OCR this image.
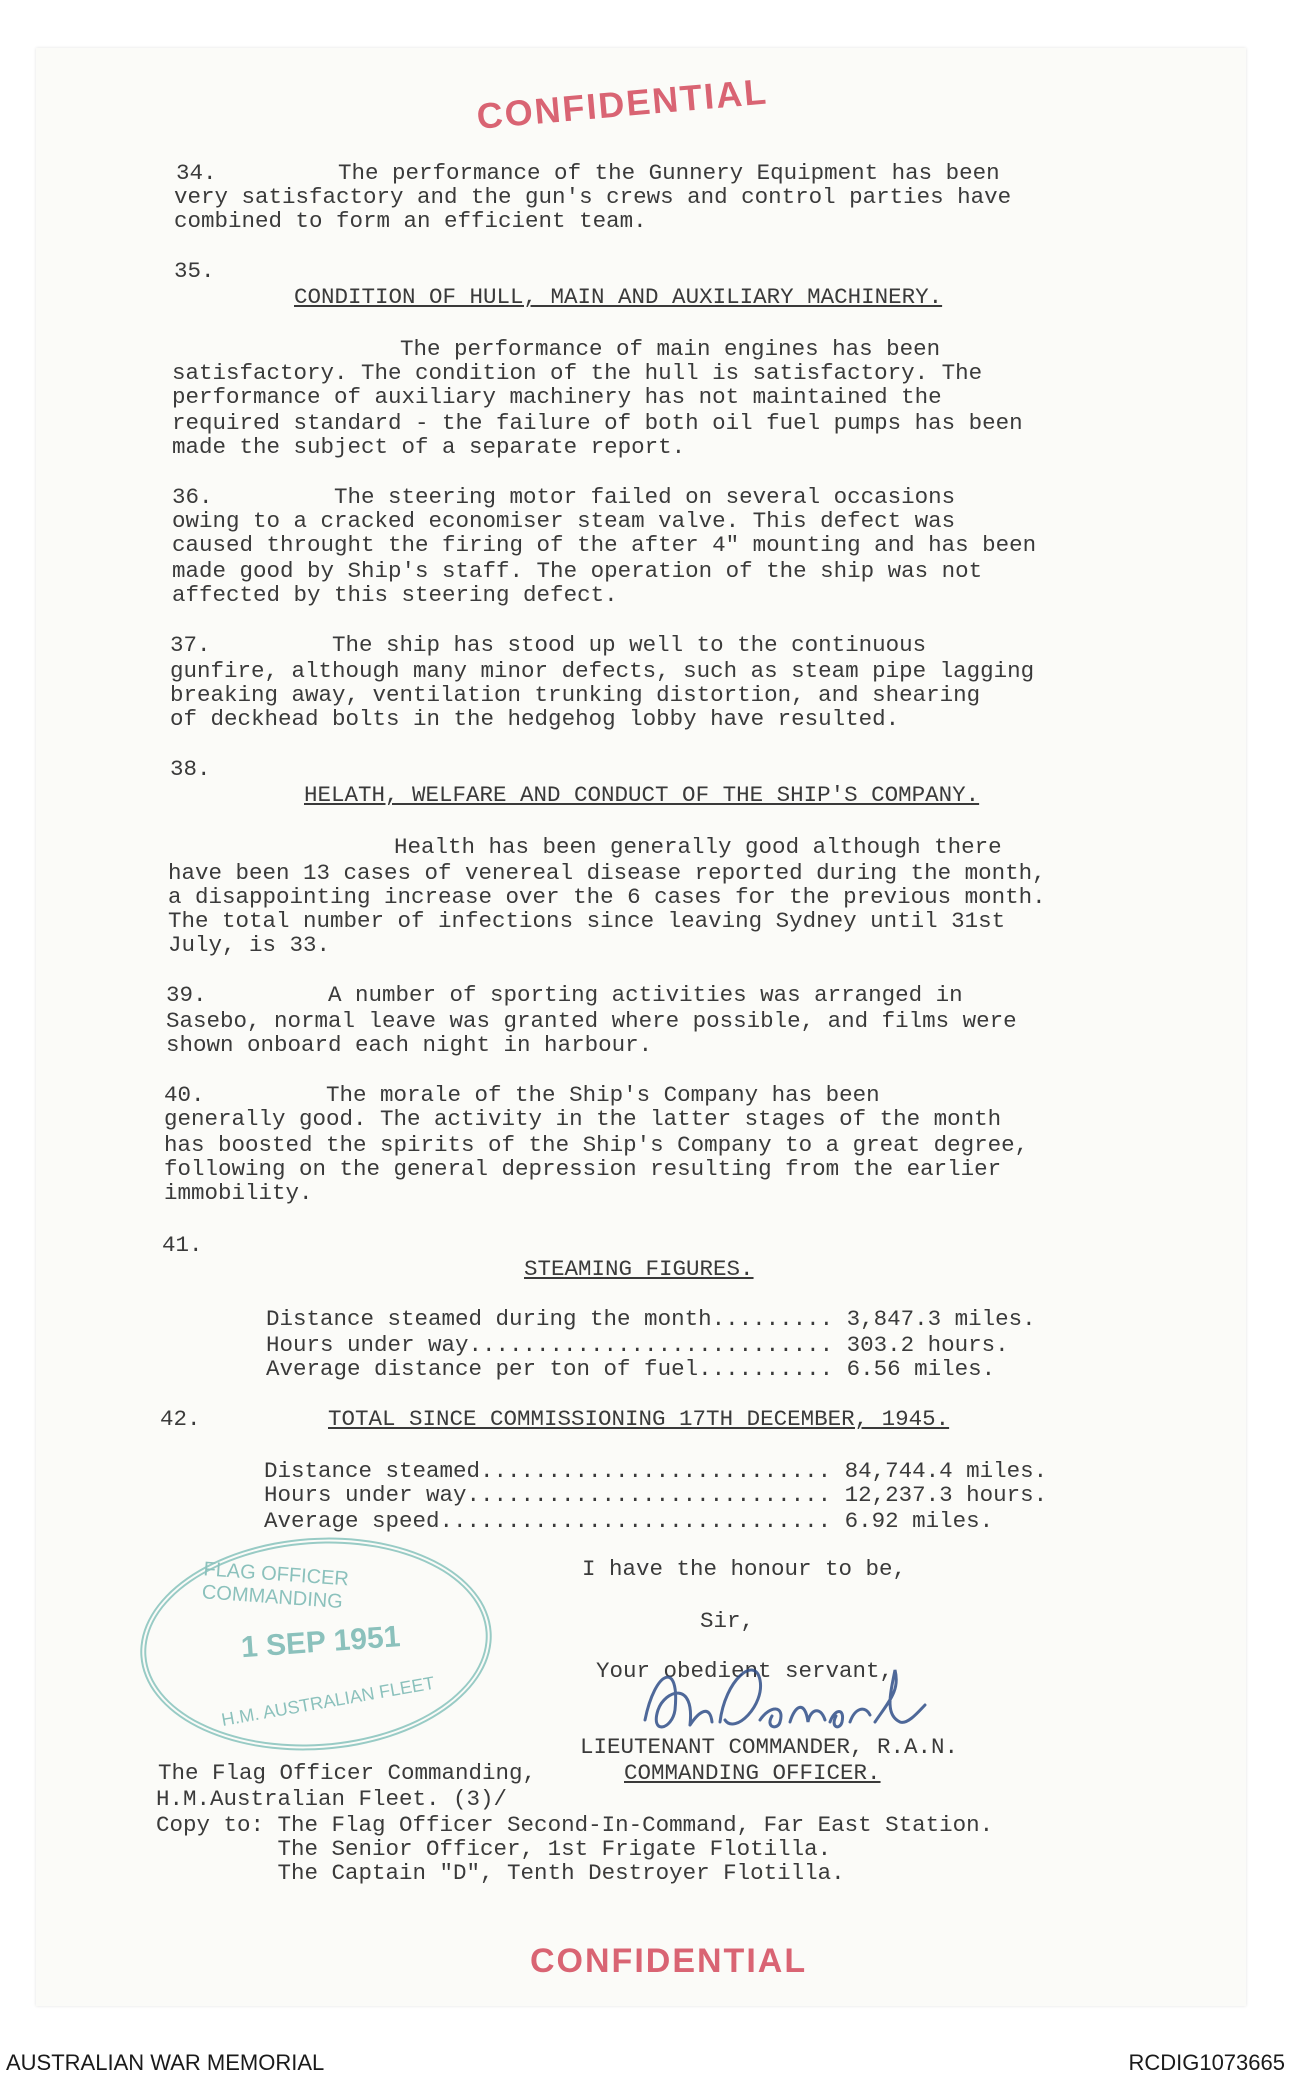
CONFIDENTIAL
34.         The performance of the Gunnery Equipment has been
very satisfactory and the gun's crews and control parties have
combined to form an efficient team.
35.
CONDITION OF HULL, MAIN AND AUXILIARY MACHINERY.
The performance of main engines has been
satisfactory. The condition of the hull is satisfactory. The
performance of auxiliary machinery has not maintained the
required standard - the failure of both oil fuel pumps has been
made the subject of a separate report.
36.         The steering motor failed on several occasions
owing to a cracked economiser steam valve. This defect was
caused throught the firing of the after 4" mounting and has been
made good by Ship's staff. The operation of the ship was not
affected by this steering defect.
37.         The ship has stood up well to the continuous
gunfire, although many minor defects, such as steam pipe lagging
breaking away, ventilation trunking distortion, and shearing
of deckhead bolts in the hedgehog lobby have resulted.
38.
HELATH, WELFARE AND CONDUCT OF THE SHIP'S COMPANY.
Health has been generally good although there
have been 13 cases of venereal disease reported during the month,
a disappointing increase over the 6 cases for the previous month.
The total number of infections since leaving Sydney until 31st
July, is 33.
39.         A number of sporting activities was arranged in
Sasebo, normal leave was granted where possible, and films were
shown onboard each night in harbour.
40.         The morale of the Ship's Company has been
generally good. The activity in the latter stages of the month
has boosted the spirits of the Ship's Company to a great degree,
following on the general depression resulting from the earlier
immobility.
41.
STEAMING FIGURES.
Distance steamed during the month......... 3,847.3 miles.
Hours under way........................... 303.2 hours.
Average distance per ton of fuel.......... 6.56 miles.
42.	TOTAL SINCE COMMISSIONING 17TH DECEMBER, 1945.
Distance steamed.......................... 84,744.4 miles.
Hours under way........................... 12,237.3 hours.
Average speed............................. 6.92 miles.
I have the honour to be,
Sir,
Your obedient servant,
LIEUTENANT COMMANDER, R.A.N.
COMMANDING OFFICER.
The Flag Officer Commanding,
H.M.Australian Fleet. (3)/
Copy to: The Flag Officer Second-In-Command, Far East Station.
The Senior Officer, 1st Frigate Flotilla.
The Captain "D", Tenth Destroyer Flotilla.
FLAG OFFICER COMMANDING
1 SEP 1951
H.M. AUSTRALIAN FLEET
CONFIDENTIAL
AUSTRALIAN WAR MEMORIAL	RCDIG1073665
